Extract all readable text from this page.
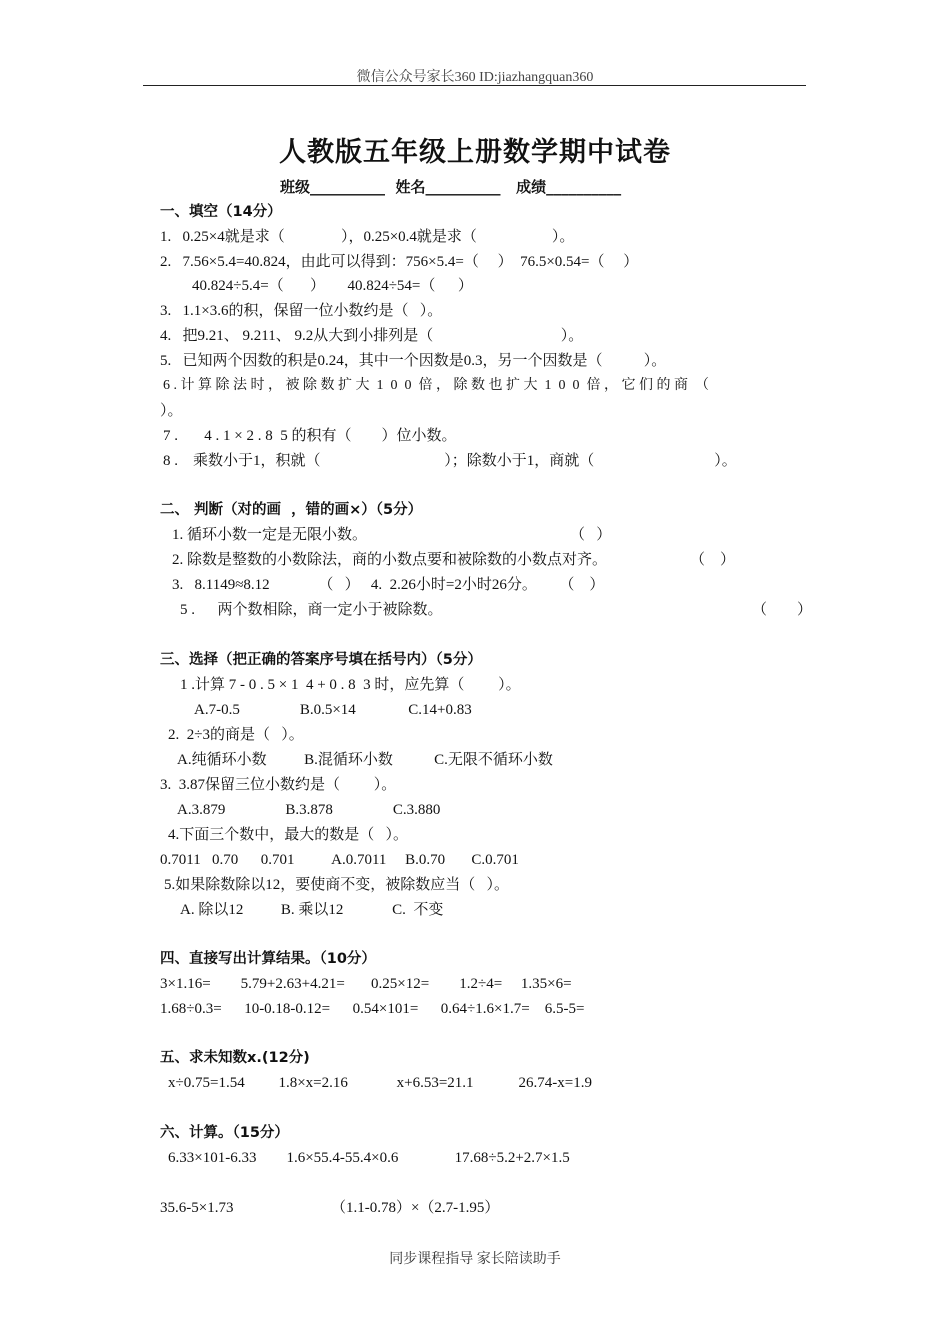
微信公众号家长360 ID:jiazhangquan360
人教版五年级上册数学期中试卷
班级__________  姓名__________   成绩__________
一、填空（14分）
1.   0.25×4就是求（               ），0.25×0.4就是求（                    ）。
2.   7.56×5.4=40.824，由此可以得到：756×5.4=（     ）  76.5×0.54=（     ）
40.824÷5.4=（       ）      40.824÷54=（      ）
3.   1.1×3.6的积，保留一位小数约是（   ）。
4.   把9.21、 9.211、 9.2从大到小排列是（                                  ）。
5.   已知两个因数的积是0.24，其中一个因数是0.3，另一个因数是（           ）。
6 . 计 算 除 法 时 ， 被 除 数 扩 大  1  0  0  倍 ， 除 数 也 扩 大  1  0  0  倍 ， 它 们 的 商  （
）。
7 .       4 . 1 × 2 . 8  5 的积有（        ）位小数。
8 .    乘数小于1，积就（                                 ）；除数小于1，商就（                                ）。
二、 判断（对的画  ，错的画×）（5分）
1. 循环小数一定是无限小数。	（   ）
2. 除数是整数的小数除法，商的小数点要和被除数的小数点对齐。	（    ）
3.   8.1149≈8.12             （   ）   4.  2.26小时=2小时26分。      （    ）
5 .      两个数相除，商一定小于被除数。	（        ）
三、选择（把正确的答案序号填在括号内）（5分）
1 .计算 7 - 0 . 5 × 1  4 + 0 . 8  3 时，应先算（         ）。
A.7-0.5                B.0.5×14              C.14+0.83
2.  2÷3的商是（   ）。
A.纯循环小数          B.混循环小数           C.无限不循环小数
3.  3.87保留三位小数约是（         ）。
A.3.879                B.3.878                C.3.880
4.下面三个数中，最大的数是（   ）。
0.7011   0.70      0.701          A.0.7011     B.0.70       C.0.701
5.如果除数除以12，要使商不变，被除数应当（   ）。
A. 除以12          B. 乘以12             C.  不变
四、直接写出计算结果。（10分）
3×1.16=        5.79+2.63+4.21=       0.25×12=        1.2÷4=     1.35×6=
1.68÷0.3=      10-0.18-0.12=      0.54×101=      0.64÷1.6×1.7=    6.5-5=
五、求未知数x.(12分)
x÷0.75=1.54         1.8×x=2.16             x+6.53=21.1            26.74-x=1.9
六、计算。（15分）
6.33×101-6.33        1.6×55.4-55.4×0.6               17.68÷5.2+2.7×1.5
35.6-5×1.73                          （1.1-0.78）×（2.7-1.95）
同步课程指导 家长陪读助手
